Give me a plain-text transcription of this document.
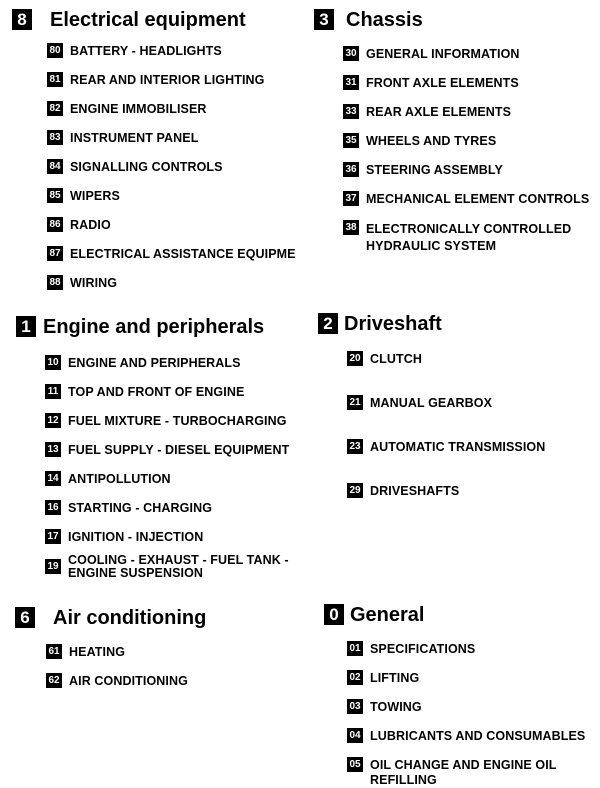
8 Electrical equipment
80 BATTERY - HEADLIGHTS
81 REAR AND INTERIOR LIGHTING
82 ENGINE IMMOBILISER
83 INSTRUMENT PANEL
84 SIGNALLING CONTROLS
85 WIPERS
86 RADIO
87 ELECTRICAL ASSISTANCE EQUIPME
88 WIRING
3 Chassis
30 GENERAL INFORMATION
31 FRONT AXLE ELEMENTS
33 REAR AXLE ELEMENTS
35 WHEELS AND TYRES
36 STEERING ASSEMBLY
37 MECHANICAL ELEMENT CONTROLS
38 ELECTRONICALLY CONTROLLED HYDRAULIC SYSTEM
1 Engine and peripherals
10 ENGINE AND PERIPHERALS
11 TOP AND FRONT OF ENGINE
12 FUEL MIXTURE - TURBOCHARGING
13 FUEL SUPPLY - DIESEL EQUIPMENT
14 ANTIPOLLUTION
16 STARTING - CHARGING
17 IGNITION - INJECTION
19 COOLING - EXHAUST - FUEL TANK - ENGINE SUSPENSION
2 Driveshaft
20 CLUTCH
21 MANUAL GEARBOX
23 AUTOMATIC TRANSMISSION
29 DRIVESHAFTS
6 Air conditioning
61 HEATING
62 AIR CONDITIONING
0 General
01 SPECIFICATIONS
02 LIFTING
03 TOWING
04 LUBRICANTS AND CONSUMABLES
05 OIL CHANGE AND ENGINE OIL REFILLING
